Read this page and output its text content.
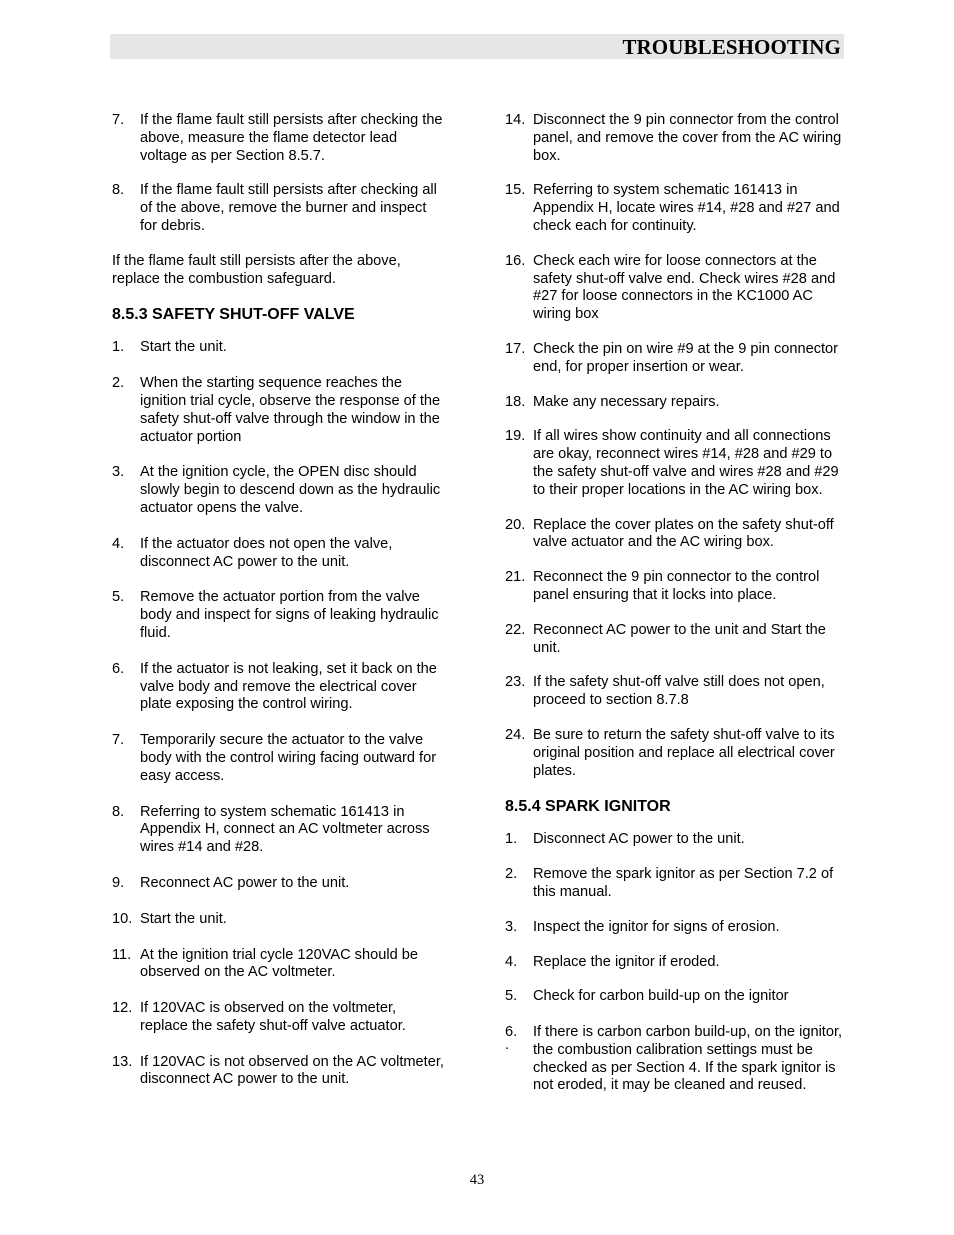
TROUBLESHOOTING
7. If the flame fault still persists after checking the above, measure the flame detector lead voltage as per Section 8.5.7.
8. If the flame fault still persists after checking all of the above, remove the burner and inspect for debris.
If the flame fault still persists after the above, replace the combustion safeguard.
8.5.3 SAFETY SHUT-OFF VALVE
1. Start the unit.
2. When the starting sequence reaches the ignition trial cycle, observe the response of the safety shut-off valve through the window in the actuator portion
3. At the ignition cycle, the OPEN disc should slowly begin to descend down as the hydraulic actuator opens the valve.
4. If the actuator does not open the valve, disconnect AC power to the unit.
5. Remove the actuator portion from the valve body and inspect for signs of leaking hydraulic fluid.
6. If the actuator is not leaking, set it back on the valve body and remove the electrical cover plate exposing the control wiring.
7. Temporarily secure the actuator to the valve body with the control wiring facing outward for easy access.
8. Referring to system schematic 161413 in Appendix H, connect an AC voltmeter across wires #14 and #28.
9. Reconnect AC power to the unit.
10. Start the unit.
11. At the ignition trial cycle 120VAC should be observed on the AC voltmeter.
12. If 120VAC is observed on the voltmeter, replace the safety shut-off valve actuator.
13. If 120VAC is not observed on the AC voltmeter, disconnect AC power to the unit.
14. Disconnect the 9 pin connector from the control panel, and remove the cover from the AC wiring box.
15. Referring to system schematic 161413 in Appendix H, locate wires #14, #28 and #27 and check each for continuity.
16. Check each wire for loose connectors at the safety shut-off valve end. Check wires #28 and #27 for loose connectors in the KC1000 AC wiring box
17. Check the pin on wire #9 at the 9 pin connector end, for proper insertion or wear.
18. Make any necessary repairs.
19. If all wires show continuity and all connections are okay, reconnect wires #14, #28 and #29 to the safety shut-off valve and wires #28 and #29 to their proper locations in the AC wiring box.
20. Replace the cover plates on the safety shut-off valve actuator and the AC wiring box.
21. Reconnect the 9 pin connector to the control panel ensuring that it locks into place.
22. Reconnect AC power to the unit and Start the unit.
23. If the safety shut-off valve still does not open, proceed to section 8.7.8
24. Be sure to return the safety shut-off valve to its original position and replace all electrical cover plates.
8.5.4 SPARK IGNITOR
1. Disconnect AC power to the unit.
2. Remove the spark ignitor as per Section 7.2 of this manual.
3. Inspect the ignitor for signs of erosion.
4. Replace the ignitor if eroded.
5. Check for carbon build-up on the ignitor
6. If there is carbon carbon build-up, on the ignitor, the combustion calibration settings must be checked as per Section 4. If the spark ignitor is not eroded, it may be cleaned and reused.
.
43
